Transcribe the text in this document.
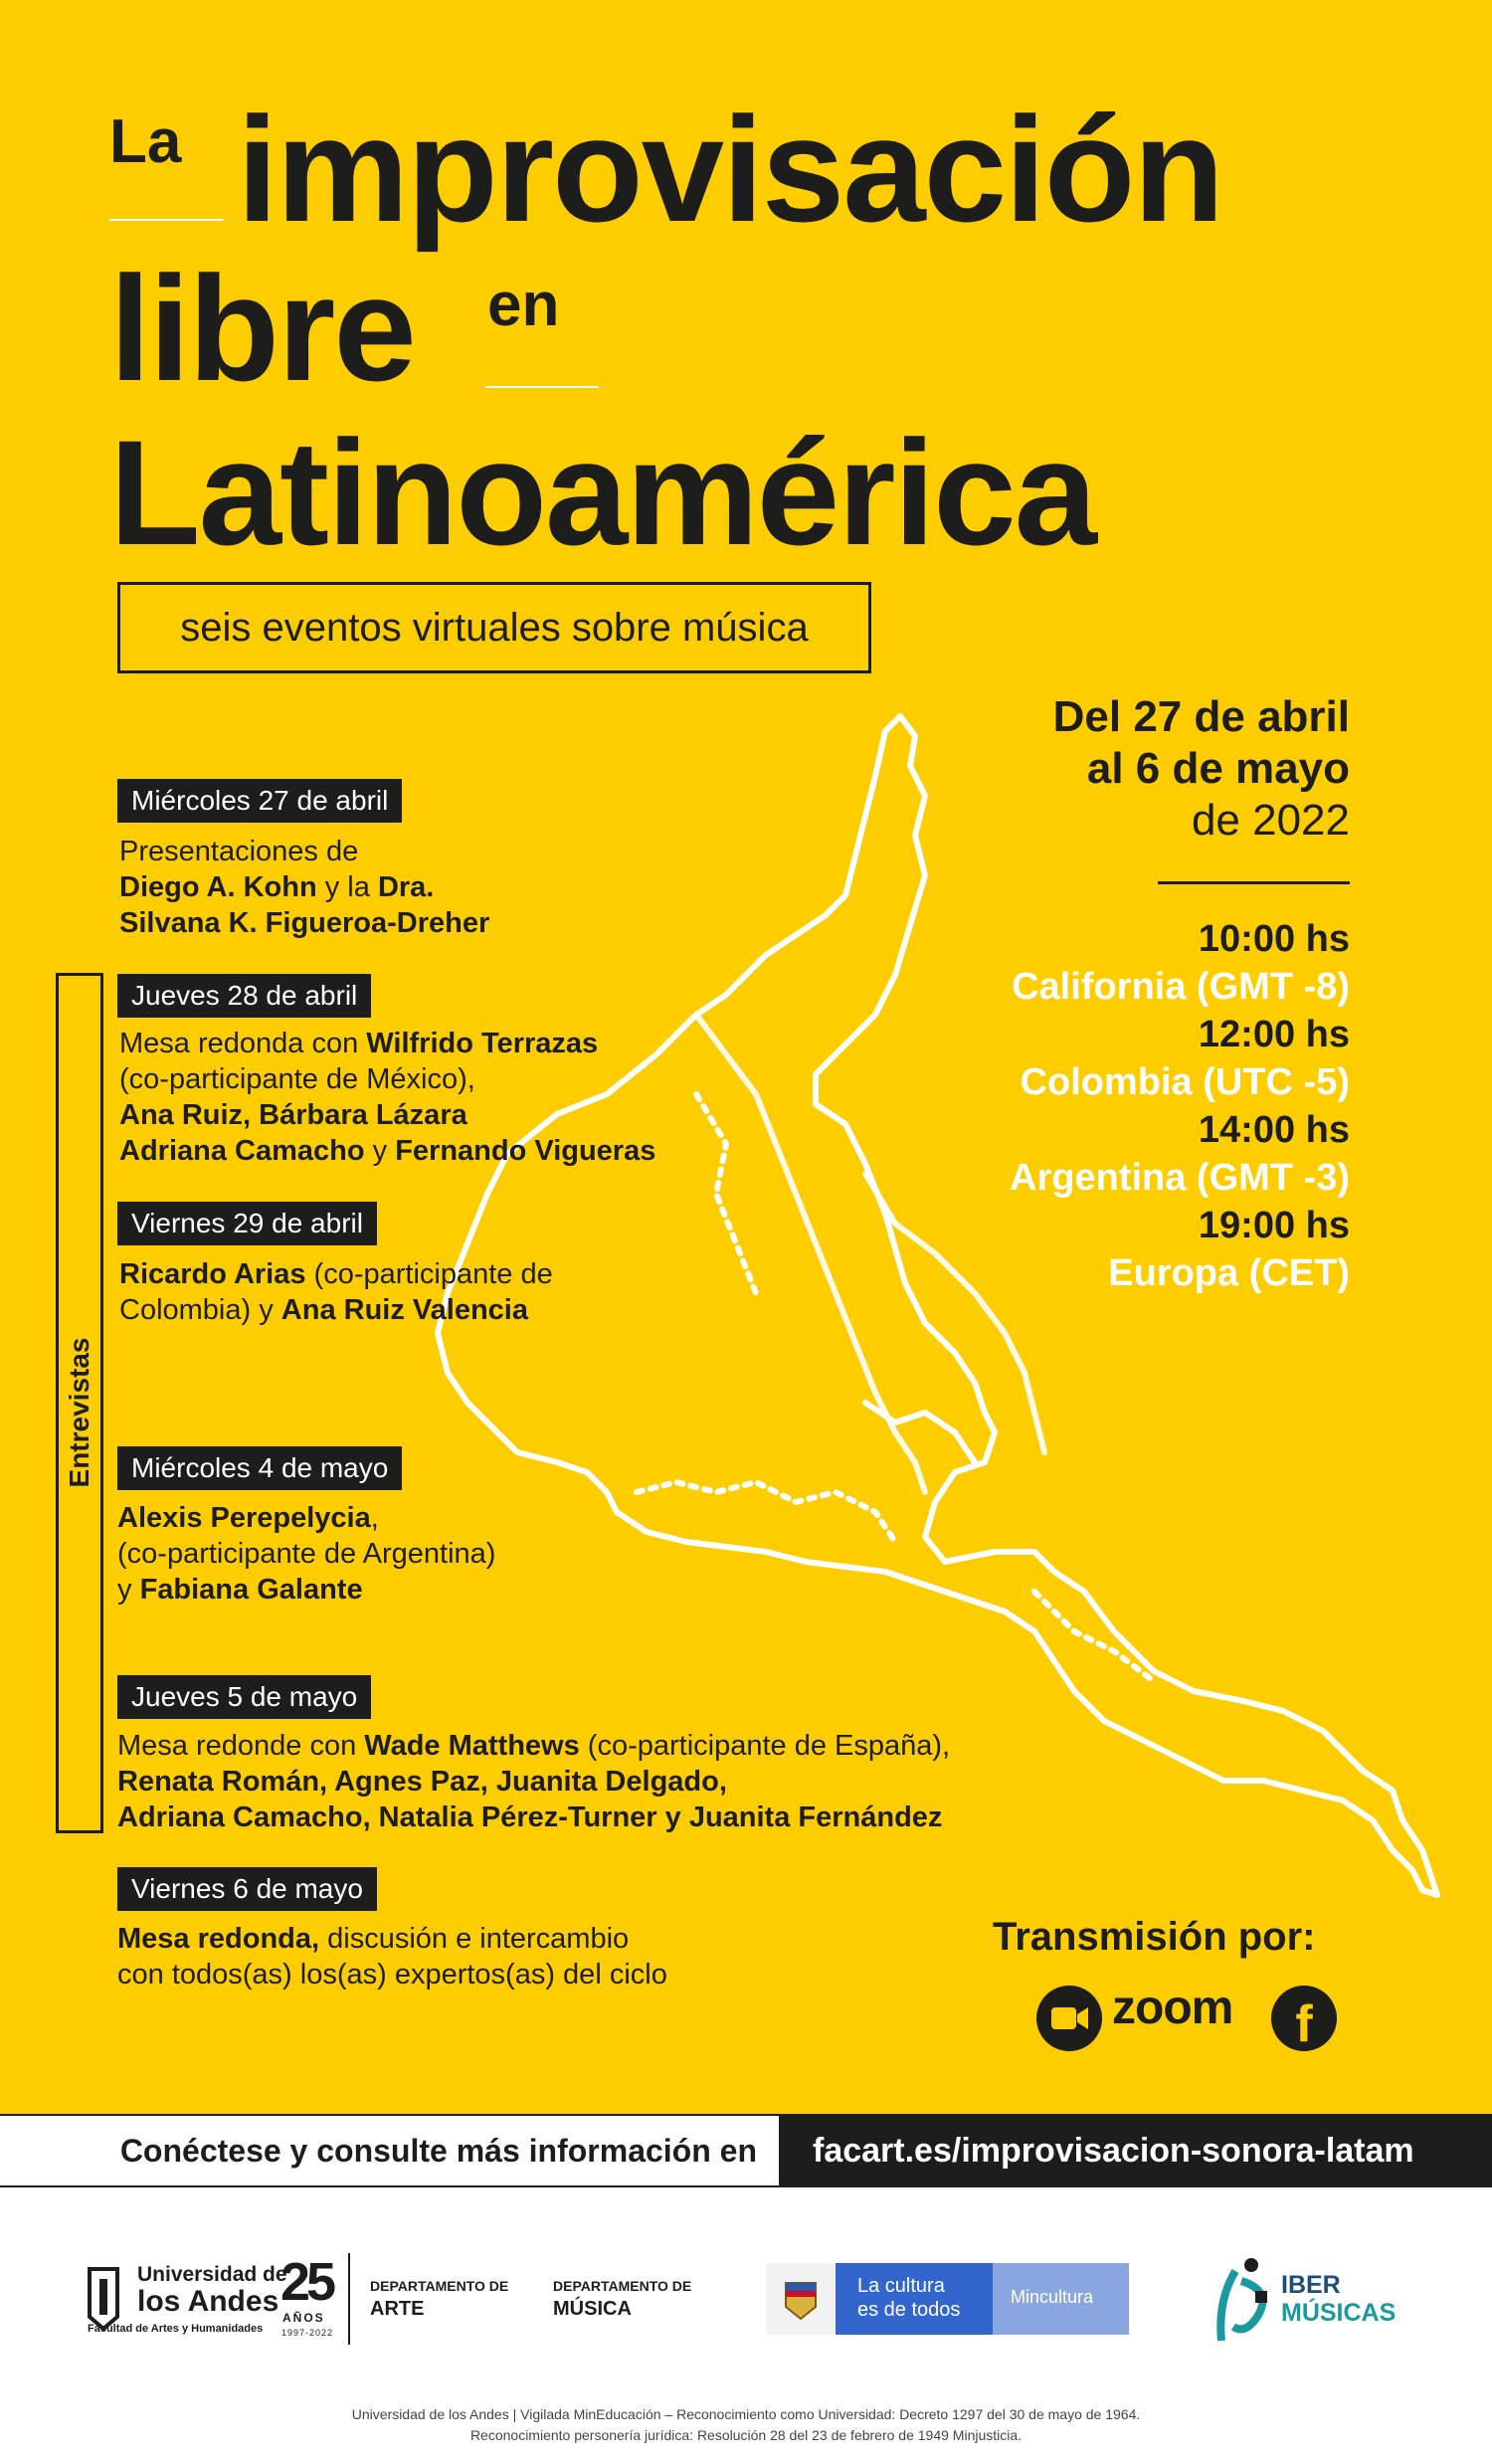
La improvisación
libre en
Latinoamérica
seis eventos virtuales sobre música
Del 27 de abril
al 6 de mayo
de 2022
10:00 hs
California (GMT -8)
12:00 hs
Colombia (UTC -5)
14:00 hs
Argentina (GMT -3)
19:00 hs
Europa (CET)
Entrevistas
Miércoles 27 de abril
Presentaciones de
Diego A. Kohn y la Dra.
Silvana K. Figueroa-Dreher
Jueves 28 de abril
Mesa redonda con Wilfrido Terrazas
(co-participante de México),
Ana Ruiz, Bárbara Lázara
Adriana Camacho y Fernando Vigueras
Viernes 29 de abril
Ricardo Arias (co-participante de
Colombia) y Ana Ruiz Valencia
Miércoles 4 de mayo
Alexis Perepelycia,
(co-participante de Argentina)
y Fabiana Galante
Jueves 5 de mayo
Mesa redonde con Wade Matthews (co-participante de España),
Renata Román, Agnes Paz, Juanita Delgado,
Adriana Camacho, Natalia Pérez-Turner y Juanita Fernández
Viernes 6 de mayo
Mesa redonda, discusión e intercambio
con todos(as) los(as) expertos(as) del ciclo
Transmisión por:
zoom	f
Conéctese y consulte más información en facart.es/improvisacion-sonora-latam
Universidad de
los Andes
Facultad de Artes y Humanidades
25
AÑOS
1997-2022
DEPARTAMENTO DE
ARTE
DEPARTAMENTO DE
MÚSICA
La cultura
es de todos
Mincultura	IBER
MÚSICAS
Universidad de los Andes | Vigilada MinEducación – Reconocimiento como Universidad: Decreto 1297 del 30 de mayo de 1964.
Reconocimiento personería jurídica: Resolución 28 del 23 de febrero de 1949 Minjusticia.
